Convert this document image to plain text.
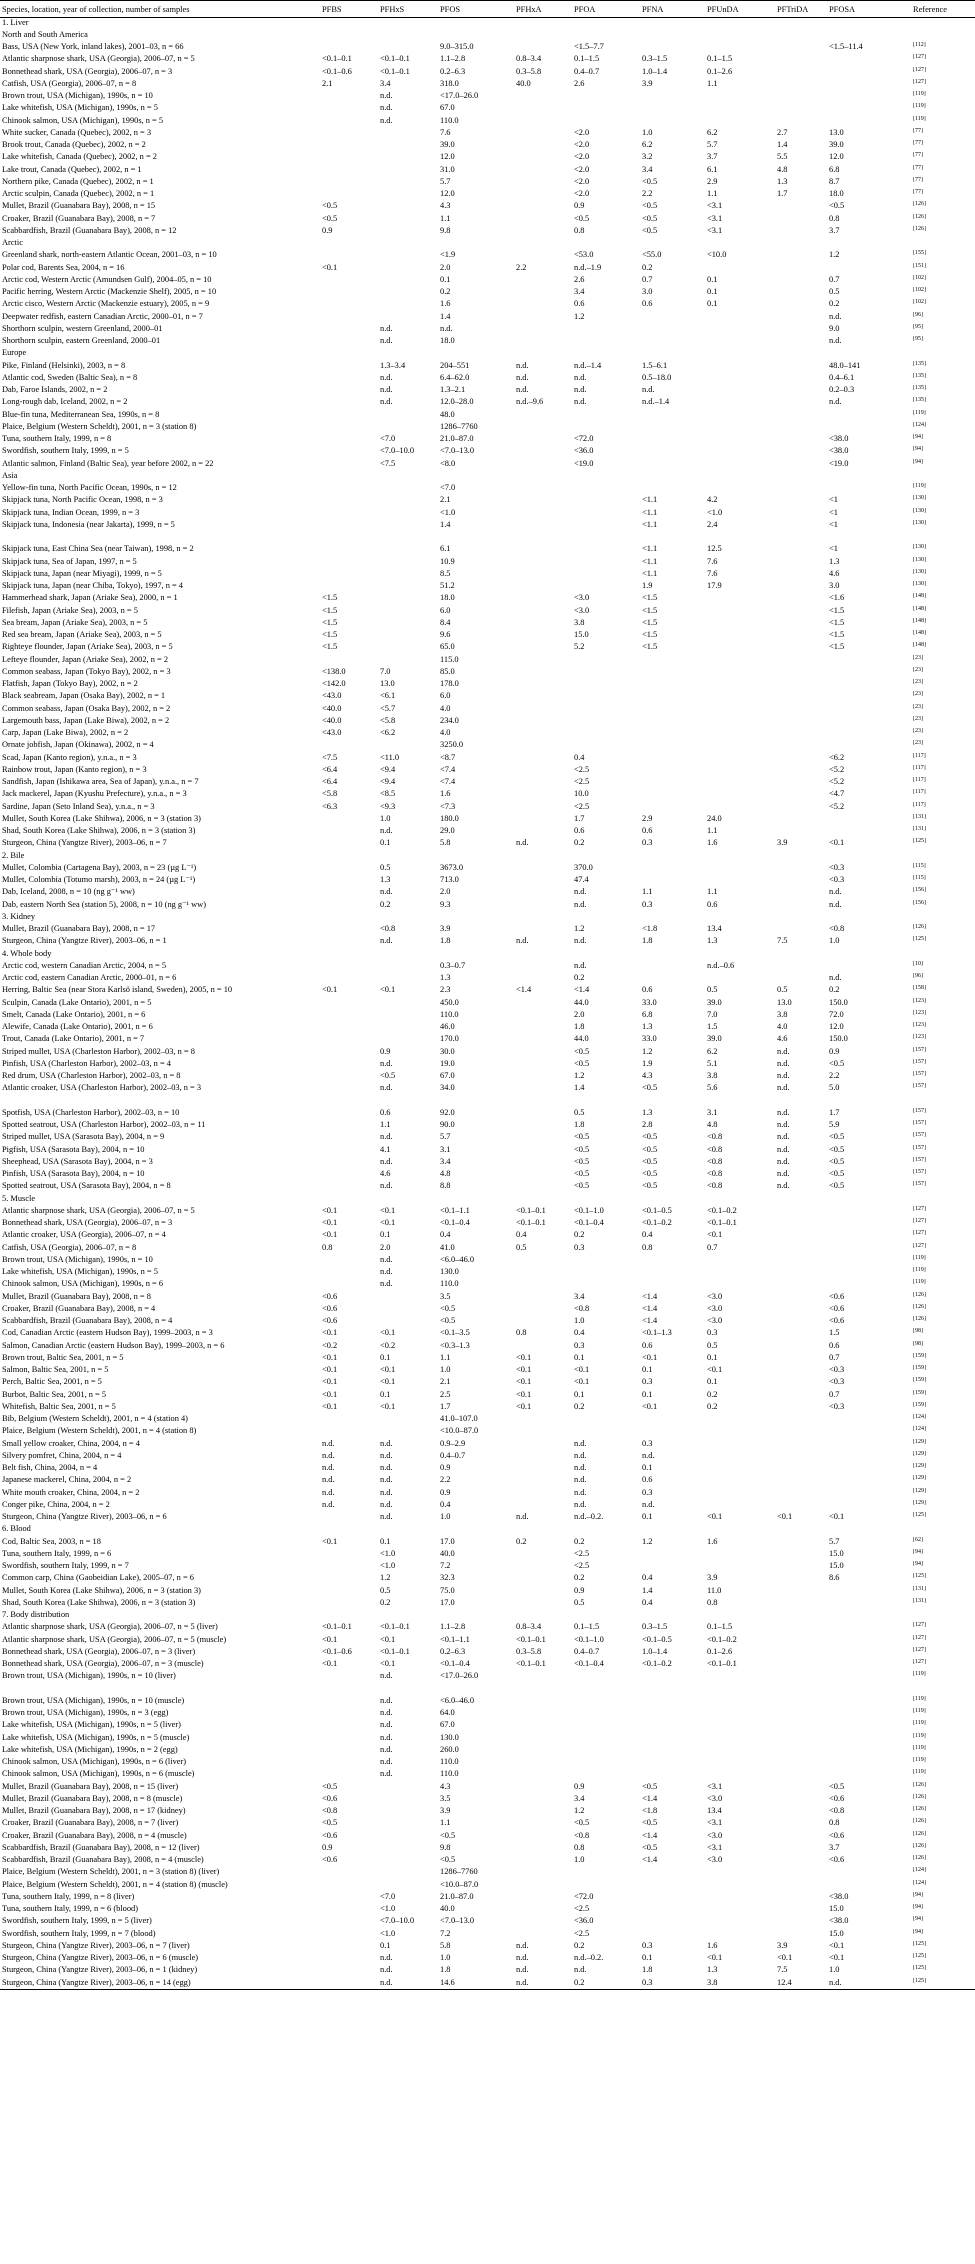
Species, location, year of collection, number of samples	PFBS	PFHxS	PFOS	PFHxA	PFOA	PFNA	PFUnDA	PFTriDA	PFOSA	Reference
1. Liver										
North and South America										
Bass, USA (New York, inland lakes), 2001–03, n = 66			9.0–315.0		<1.5–7.7				<1.5–11.4	[112]
Atlantic sharpnose shark, USA (Georgia), 2006–07, n = 5	<0.1–0.1	<0.1–0.1	1.1–2.8	0.8–3.4	0.1–1.5	0.3–1.5	0.1–1.5			[127]
Bonnethead shark, USA (Georgia), 2006–07, n = 3	<0.1–0.6	<0.1–0.1	0.2–6.3	0.3–5.8	0.4–0.7	1.0–1.4	0.1–2.6			[127]
Catfish, USA (Georgia), 2006–07, n = 8	2.1	3.4	318.0	40.0	2.6	3.9	1.1			[127]
Brown trout, USA (Michigan), 1990s, n = 10		n.d.	<17.0–26.0							[119]
Lake whitefish, USA (Michigan), 1990s, n = 5		n.d.	67.0							[119]
Chinook salmon, USA (Michigan), 1990s, n = 5		n.d.	110.0							[119]
White sucker, Canada (Quebec), 2002, n = 3			7.6		<2.0	1.0	6.2	2.7	13.0	[77]
Brook trout, Canada (Quebec), 2002, n = 2			39.0		<2.0	6.2	5.7	1.4	39.0	[77]
Lake whitefish, Canada (Quebec), 2002, n = 2			12.0		<2.0	3.2	3.7	5.5	12.0	[77]
Lake trout, Canada (Quebec), 2002, n = 1			31.0		<2.0	3.4	6.1	4.8	6.8	[77]
Northern pike, Canada (Quebec), 2002, n = 1			5.7		<2.0	<0.5	2.9	1.3	8.7	[77]
Arctic sculpin, Canada (Quebec), 2002, n = 1			12.0		<2.0	2.2	1.1	1.7	18.0	[77]
Mullet, Brazil (Guanabara Bay), 2008, n = 15	<0.5		4.3		0.9	<0.5	<3.1		<0.5	[126]
Croaker, Brazil (Guanabara Bay), 2008, n = 7	<0.5		1.1		<0.5	<0.5	<3.1		0.8	[126]
Scabbardfish, Brazil (Guanabara Bay), 2008, n = 12	0.9		9.8		0.8	<0.5	<3.1		3.7	[126]
Arctic										
Greenland shark, north-eastern Atlantic Ocean, 2001–03, n = 10			<1.9		<53.0	<55.0	<10.0		1.2	[155]
Polar cod, Barents Sea, 2004, n = 16	<0.1		2.0	2.2	n.d.–1.9	0.2				[151]
Arctic cod, Western Arctic (Amundsen Gulf), 2004–05, n = 10			0.1		2.6	0.7	0.1		0.7	[102]
Pacific herring, Western Arctic (Mackenzie Shelf), 2005, n = 10			0.2		3.4	3.0	0.1		0.5	[102]
Arctic cisco, Western Arctic (Mackenzie estuary), 2005, n = 9			1.6		0.6	0.6	0.1		0.2	[102]
Deepwater redfish, eastern Canadian Arctic, 2000–01, n = 7			1.4		1.2				n.d.	[96]
Shorthorn sculpin, western Greenland, 2000–01		n.d.	n.d.						9.0	[95]
Shorthorn sculpin, eastern Greenland, 2000–01		n.d.	18.0						n.d.	[95]
Europe										
Pike, Finland (Helsinki), 2003, n = 8		1.3–3.4	204–551	n.d.	n.d.–1.4	1.5–6.1			48.0–141	[135]
Atlantic cod, Sweden (Baltic Sea), n = 8		n.d.	6.4–62.0	n.d.	n.d.	0.5–18.0			0.4–6.1	[135]
Dab, Faroe Islands, 2002, n = 2		n.d.	1.3–2.1	n.d.	n.d.	n.d.			0.2–0.3	[135]
Long-rough dab, Iceland, 2002, n = 2		n.d.	12.0–28.0	n.d.–9.6	n.d.	n.d.–1.4			n.d.	[135]
Blue-fin tuna, Mediterranean Sea, 1990s, n = 8			48.0							[119]
Plaice, Belgium (Western Scheldt), 2001, n = 3 (station 8)			1286–7760							[124]
Tuna, southern Italy, 1999, n = 8		<7.0	21.0–87.0		<72.0				<38.0	[94]
Swordfish, southern Italy, 1999, n = 5		<7.0–10.0	<7.0–13.0		<36.0				<38.0	[94]
Atlantic salmon, Finland (Baltic Sea), year before 2002, n = 22		<7.5	<8.0		<19.0				<19.0	[94]
Asia										
Yellow-fin tuna, North Pacific Ocean, 1990s, n = 12			<7.0							[119]
Skipjack tuna, North Pacific Ocean, 1998, n = 3			2.1			<1.1	4.2		<1	[130]
Skipjack tuna, Indian Ocean, 1999, n = 3			<1.0			<1.1	<1.0		<1	[130]
Skipjack tuna, Indonesia (near Jakarta), 1999, n = 5			1.4			<1.1	2.4		<1	[130]

Skipjack tuna, East China Sea (near Taiwan), 1998, n = 2			6.1			<1.1	12.5		<1	[130]
Skipjack tuna, Sea of Japan, 1997, n = 5			10.9			<1.1	7.6		1.3	[130]
Skipjack tuna, Japan (near Miyagi), 1999, n = 5			8.5			<1.1	7.6		4.6	[130]
Skipjack tuna, Japan (near Chiba, Tokyo), 1997, n = 4			51.2			1.9	17.9		3.0	[130]
Hammerhead shark, Japan (Ariake Sea), 2000, n = 1	<1.5		18.0		<3.0	<1.5			<1.6	[148]
Filefish, Japan (Ariake Sea), 2003, n = 5	<1.5		6.0		<3.0	<1.5			<1.5	[148]
Sea bream, Japan (Ariake Sea), 2003, n = 5	<1.5		8.4		3.8	<1.5			<1.5	[148]
Red sea bream, Japan (Ariake Sea), 2003, n = 5	<1.5		9.6		15.0	<1.5			<1.5	[148]
Righteye flounder, Japan (Ariake Sea), 2003, n = 5	<1.5		65.0		5.2	<1.5			<1.5	[148]
Lefteye flounder, Japan (Ariake Sea), 2002, n = 2			115.0							[23]
Common seabass, Japan (Tokyo Bay), 2002, n = 3	<138.0	7.0	85.0							[23]
Flatfish, Japan (Tokyo Bay), 2002, n = 2	<142.0	13.0	178.0							[23]
Black seabream, Japan (Osaka Bay), 2002, n = 1	<43.0	<6.1	6.0							[23]
Common seabass, Japan (Osaka Bay), 2002, n = 2	<40.0	<5.7	4.0							[23]
Largemouth bass, Japan (Lake Biwa), 2002, n = 2	<40.0	<5.8	234.0							[23]
Carp, Japan (Lake Biwa), 2002, n = 2	<43.0	<6.2	4.0							[23]
Ornate jobfish, Japan (Okinawa), 2002, n = 4			3250.0							[23]
Scad, Japan (Kanto region), y.n.a., n = 3	<7.5	<11.0	<8.7		0.4				<6.2	[117]
Rainbow trout, Japan (Kanto region), n = 3	<6.4	<9.4	<7.4		<2.5				<5.2	[117]
Sandfish, Japan (Ishikawa area, Sea of Japan), y.n.a., n = 7	<6.4	<9.4	<7.4		<2.5				<5.2	[117]
Jack mackerel, Japan (Kyushu Prefecture), y.n.a., n = 3	<5.8	<8.5	1.6		10.0				<4.7	[117]
Sardine, Japan (Seto Inland Sea), y.n.a., n = 3	<6.3	<9.3	<7.3		<2.5				<5.2	[117]
Mullet, South Korea (Lake Shihwa), 2006, n = 3 (station 3)		1.0	180.0		1.7	2.9	24.0			[131]
Shad, South Korea (Lake Shihwa), 2006, n = 3 (station 3)		n.d.	29.0		0.6	0.6	1.1			[131]
Sturgeon, China (Yangtze River), 2003–06, n = 7		0.1	5.8	n.d.	0.2	0.3	1.6	3.9	<0.1	[125]
2. Bile										
Mullet, Colombia (Cartagena Bay), 2003, n = 23 (µg L⁻¹)		0.5	3673.0		370.0				<0.3	[115]
Mullet, Colombia (Totumo marsh), 2003, n = 24 (µg L⁻¹)		1.3	713.0		47.4				<0.3	[115]
Dab, Iceland, 2008, n = 10 (ng g⁻¹ ww)		n.d.	2.0		n.d.	1.1	1.1		n.d.	[156]
Dab, eastern North Sea (station 5), 2008, n = 10 (ng g⁻¹ ww)		0.2	9.3		n.d.	0.3	0.6		n.d.	[156]
3. Kidney										
Mullet, Brazil (Guanabara Bay), 2008, n = 17		<0.8	3.9		1.2	<1.8	13.4		<0.8	[126]
Sturgeon, China (Yangtze River), 2003–06, n = 1		n.d.	1.8	n.d.	n.d.	1.8	1.3	7.5	1.0	[125]
4. Whole body										
Arctic cod, western Canadian Arctic, 2004, n = 5			0.3–0.7		n.d.		n.d.–0.6			[10]
Arctic cod, eastern Canadian Arctic, 2000–01, n = 6			1.3		0.2				n.d.	[96]
Herring, Baltic Sea (near Stora Karlsö island, Sweden), 2005, n = 10	<0.1	<0.1	2.3	<1.4	<1.4	0.6	0.5	0.5	0.2	[158]
Sculpin, Canada (Lake Ontario), 2001, n = 5			450.0		44.0	33.0	39.0	13.0	150.0	[123]
Smelt, Canada (Lake Ontario), 2001, n = 6			110.0		2.0	6.8	7.0	3.8	72.0	[123]
Alewife, Canada (Lake Ontario), 2001, n = 6			46.0		1.8	1.3	1.5	4.0	12.0	[123]
Trout, Canada (Lake Ontario), 2001, n = 7			170.0		44.0	33.0	39.0	4.6	150.0	[123]
Striped mullet, USA (Charleston Harbor), 2002–03, n = 8		0.9	30.0		<0.5	1.2	6.2	n.d.	0.9	[157]
Pinfish, USA (Charleston Harbor), 2002–03, n = 4		n.d.	19.0		<0.5	1.9	5.1	n.d.	<0.5	[157]
Red drum, USA (Charleston Harbor), 2002–03, n = 8		<0.5	67.0		1.2	4.3	3.8	n.d.	2.2	[157]
Atlantic croaker, USA (Charleston Harbor), 2002–03, n = 3		n.d.	34.0		1.4	<0.5	5.6	n.d.	5.0	[157]

Spotfish, USA (Charleston Harbor), 2002–03, n = 10		0.6	92.0		0.5	1.3	3.1	n.d.	1.7	[157]
Spotted seatrout, USA (Charleston Harbor), 2002–03, n = 11		1.1	90.0		1.8	2.8	4.8	n.d.	5.9	[157]
Striped mullet, USA (Sarasota Bay), 2004, n = 9		n.d.	5.7		<0.5	<0.5	<0.8	n.d.	<0.5	[157]
Pigfish, USA (Sarasota Bay), 2004, n = 10		4.1	3.1		<0.5	<0.5	<0.8	n.d.	<0.5	[157]
Sheephead, USA (Sarasota Bay), 2004, n = 3		n.d.	3.4		<0.5	<0.5	<0.8	n.d.	<0.5	[157]
Pinfish, USA (Sarasota Bay), 2004, n = 10		4.6	4.8		<0.5	<0.5	<0.8	n.d.	<0.5	[157]
Spotted seatrout, USA (Sarasota Bay), 2004, n = 8		n.d.	8.8		<0.5	<0.5	<0.8	n.d.	<0.5	[157]
5. Muscle										
Atlantic sharpnose shark, USA (Georgia), 2006–07, n = 5	<0.1	<0.1	<0.1–1.1	<0.1–0.1	<0.1–1.0	<0.1–0.5	<0.1–0.2			[127]
Bonnethead shark, USA (Georgia), 2006–07, n = 3	<0.1	<0.1	<0.1–0.4	<0.1–0.1	<0.1–0.4	<0.1–0.2	<0.1–0.1			[127]
Atlantic croaker, USA (Georgia), 2006–07, n = 4	<0.1	0.1	0.4	0.4	0.2	0.4	<0.1			[127]
Catfish, USA (Georgia), 2006–07, n = 8	0.8	2.0	41.0	0.5	0.3	0.8	0.7			[127]
Brown trout, USA (Michigan), 1990s, n = 10		n.d.	<6.0–46.0							[119]
Lake whitefish, USA (Michigan), 1990s, n = 5		n.d.	130.0							[119]
Chinook salmon, USA (Michigan), 1990s, n = 6		n.d.	110.0							[119]
Mullet, Brazil (Guanabara Bay), 2008, n = 8	<0.6		3.5		3.4	<1.4	<3.0		<0.6	[126]
Croaker, Brazil (Guanabara Bay), 2008, n = 4	<0.6		<0.5		<0.8	<1.4	<3.0		<0.6	[126]
Scabbardfish, Brazil (Guanabara Bay), 2008, n = 4	<0.6		<0.5		1.0	<1.4	<3.0		<0.6	[126]
Cod, Canadian Arctic (eastern Hudson Bay), 1999–2003, n = 3	<0.1	<0.1	<0.1–3.5	0.8	0.4	<0.1–1.3	0.3		1.5	[98]
Salmon, Canadian Arctic (eastern Hudson Bay), 1999–2003, n = 6	<0.2	<0.2	<0.3–1.3		0.3	0.6	0.5		0.6	[98]
Brown trout, Baltic Sea, 2001, n = 5	<0.1	0.1	1.1	<0.1	0.1	<0.1	0.1		0.7	[159]
Salmon, Baltic Sea, 2001, n = 5	<0.1	<0.1	1.0	<0.1	<0.1	0.1	<0.1		<0.3	[159]
Perch, Baltic Sea, 2001, n = 5	<0.1	<0.1	2.1	<0.1	<0.1	0.3	0.1		<0.3	[159]
Burbot, Baltic Sea, 2001, n = 5	<0.1	0.1	2.5	<0.1	0.1	0.1	0.2		0.7	[159]
Whitefish, Baltic Sea, 2001, n = 5	<0.1	<0.1	1.7	<0.1	0.2	<0.1	0.2		<0.3	[159]
Bib, Belgium (Western Scheldt), 2001, n = 4 (station 4)			41.0–107.0							[124]
Plaice, Belgium (Western Scheldt), 2001, n = 4 (station 8)			<10.0–87.0							[124]
Small yellow croaker, China, 2004, n = 4	n.d.	n.d.	0.9–2.9		n.d.	0.3				[129]
Silvery pomfret, China, 2004, n = 4	n.d.	n.d.	0.4–0.7		n.d.	n.d.				[129]
Belt fish, China, 2004, n = 4	n.d.	n.d.	0.9		n.d.	0.1				[129]
Japanese mackerel, China, 2004, n = 2	n.d.	n.d.	2.2		n.d.	0.6				[129]
White mouth croaker, China, 2004, n = 2	n.d.	n.d.	0.9		n.d.	0.3				[129]
Conger pike, China, 2004, n = 2	n.d.	n.d.	0.4		n.d.	n.d.				[129]
Sturgeon, China (Yangtze River), 2003–06, n = 6		n.d.	1.0	n.d.	n.d.–0.2.	0.1	<0.1	<0.1	<0.1	[125]
6. Blood										
Cod, Baltic Sea, 2003, n = 18	<0.1	0.1	17.0	0.2	0.2	1.2	1.6		5.7	[62]
Tuna, southern Italy, 1999, n = 6		<1.0	40.0		<2.5				15.0	[94]
Swordfish, southern Italy, 1999, n = 7		<1.0	7.2		<2.5				15.0	[94]
Common carp, China (Gaobeidian Lake), 2005–07, n = 6		1.2	32.3		0.2	0.4	3.9		8.6	[125]
Mullet, South Korea (Lake Shihwa), 2006, n = 3 (station 3)		0.5	75.0		0.9	1.4	11.0			[131]
Shad, South Korea (Lake Shihwa), 2006, n = 3 (station 3)		0.2	17.0		0.5	0.4	0.8			[131]
7. Body distribution										
Atlantic sharpnose shark, USA (Georgia), 2006–07, n = 5 (liver)	<0.1–0.1	<0.1–0.1	1.1–2.8	0.8–3.4	0.1–1.5	0.3–1.5	0.1–1.5			[127]
Atlantic sharpnose shark, USA (Georgia), 2006–07, n = 5 (muscle)	<0.1	<0.1	<0.1–1.1	<0.1–0.1	<0.1–1.0	<0.1–0.5	<0.1–0.2			[127]
Bonnethead shark, USA (Georgia), 2006–07, n = 3 (liver)	<0.1–0.6	<0.1–0.1	0.2–6.3	0.3–5.8	0.4–0.7	1.0–1.4	0.1–2.6			[127]
Bonnethead shark, USA (Georgia), 2006–07, n = 3 (muscle)	<0.1	<0.1	<0.1–0.4	<0.1–0.1	<0.1–0.4	<0.1–0.2	<0.1–0.1			[127]
Brown trout, USA (Michigan), 1990s, n = 10 (liver)		n.d.	<17.0–26.0							[119]

Brown trout, USA (Michigan), 1990s, n = 10 (muscle)		n.d.	<6.0–46.0							[119]
Brown trout, USA (Michigan), 1990s, n = 3 (egg)		n.d.	64.0							[119]
Lake whitefish, USA (Michigan), 1990s, n = 5 (liver)		n.d.	67.0							[119]
Lake whitefish, USA (Michigan), 1990s, n = 5 (muscle)		n.d.	130.0							[119]
Lake whitefish, USA (Michigan), 1990s, n = 2 (egg)		n.d.	260.0							[119]
Chinook salmon, USA (Michigan), 1990s, n = 6 (liver)		n.d.	110.0							[119]
Chinook salmon, USA (Michigan), 1990s, n = 6 (muscle)		n.d.	110.0							[119]
Mullet, Brazil (Guanabara Bay), 2008, n = 15 (liver)	<0.5		4.3		0.9	<0.5	<3.1		<0.5	[126]
Mullet, Brazil (Guanabara Bay), 2008, n = 8 (muscle)	<0.6		3.5		3.4	<1.4	<3.0		<0.6	[126]
Mullet, Brazil (Guanabara Bay), 2008, n = 17 (kidney)	<0.8		3.9		1.2	<1.8	13.4		<0.8	[126]
Croaker, Brazil (Guanabara Bay), 2008, n = 7 (liver)	<0.5		1.1		<0.5	<0.5	<3.1		0.8	[126]
Croaker, Brazil (Guanabara Bay), 2008, n = 4 (muscle)	<0.6		<0.5		<0.8	<1.4	<3.0		<0.6	[126]
Scabbardfish, Brazil (Guanabara Bay), 2008, n = 12 (liver)	0.9		9.8		0.8	<0.5	<3.1		3.7	[126]
Scabbardfish, Brazil (Guanabara Bay), 2008, n = 4 (muscle)	<0.6		<0.5		1.0	<1.4	<3.0		<0.6	[126]
Plaice, Belgium (Western Scheldt), 2001, n = 3 (station 8) (liver)			1286–7760							[124]
Plaice, Belgium (Western Scheldt), 2001, n = 4 (station 8) (muscle)			<10.0–87.0							[124]
Tuna, southern Italy, 1999, n = 8 (liver)		<7.0	21.0–87.0		<72.0				<38.0	[94]
Tuna, southern Italy, 1999, n = 6 (blood)		<1.0	40.0		<2.5				15.0	[94]
Swordfish, southern Italy, 1999, n = 5 (liver)		<7.0–10.0	<7.0–13.0		<36.0				<38.0	[94]
Swordfish, southern Italy, 1999, n = 7 (blood)		<1.0	7.2		<2.5				15.0	[94]
Sturgeon, China (Yangtze River), 2003–06, n = 7 (liver)		0.1	5.8	n.d.	0.2	0.3	1.6	3.9	<0.1	[125]
Sturgeon, China (Yangtze River), 2003–06, n = 6 (muscle)		n.d.	1.0	n.d.	n.d.–0.2.	0.1	<0.1	<0.1	<0.1	[125]
Sturgeon, China (Yangtze River), 2003–06, n = 1 (kidney)		n.d.	1.8	n.d.	n.d.	1.8	1.3	7.5	1.0	[125]
Sturgeon, China (Yangtze River), 2003–06, n = 14 (egg)		n.d.	14.6	n.d.	0.2	0.3	3.8	12.4	n.d.	[125]
